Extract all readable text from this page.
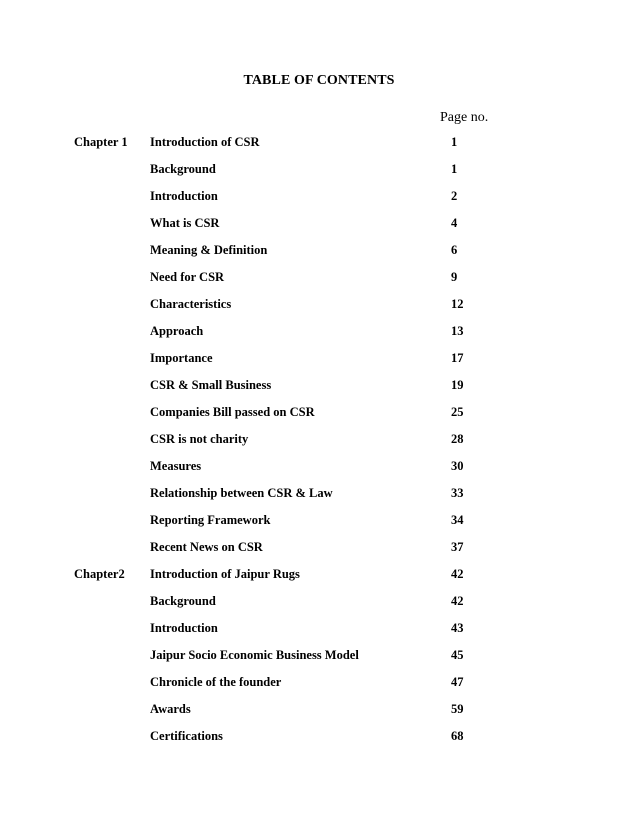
TABLE OF CONTENTS
Page no.
Chapter 1 Introduction of CSR	1
Background	1
Introduction	2
What is CSR	4
Meaning & Definition	6
Need for CSR	9
Characteristics	12
Approach	13
Importance	17
CSR & Small Business	19
Companies Bill passed on CSR	25
CSR is not charity	28
Measures	30
Relationship between CSR & Law	33
Reporting Framework	34
Recent News on CSR	37
Chapter2 Introduction of Jaipur Rugs	42
Background	42
Introduction	43
Jaipur Socio Economic Business Model	45
Chronicle of the founder	47
Awards	59
Certifications	68
